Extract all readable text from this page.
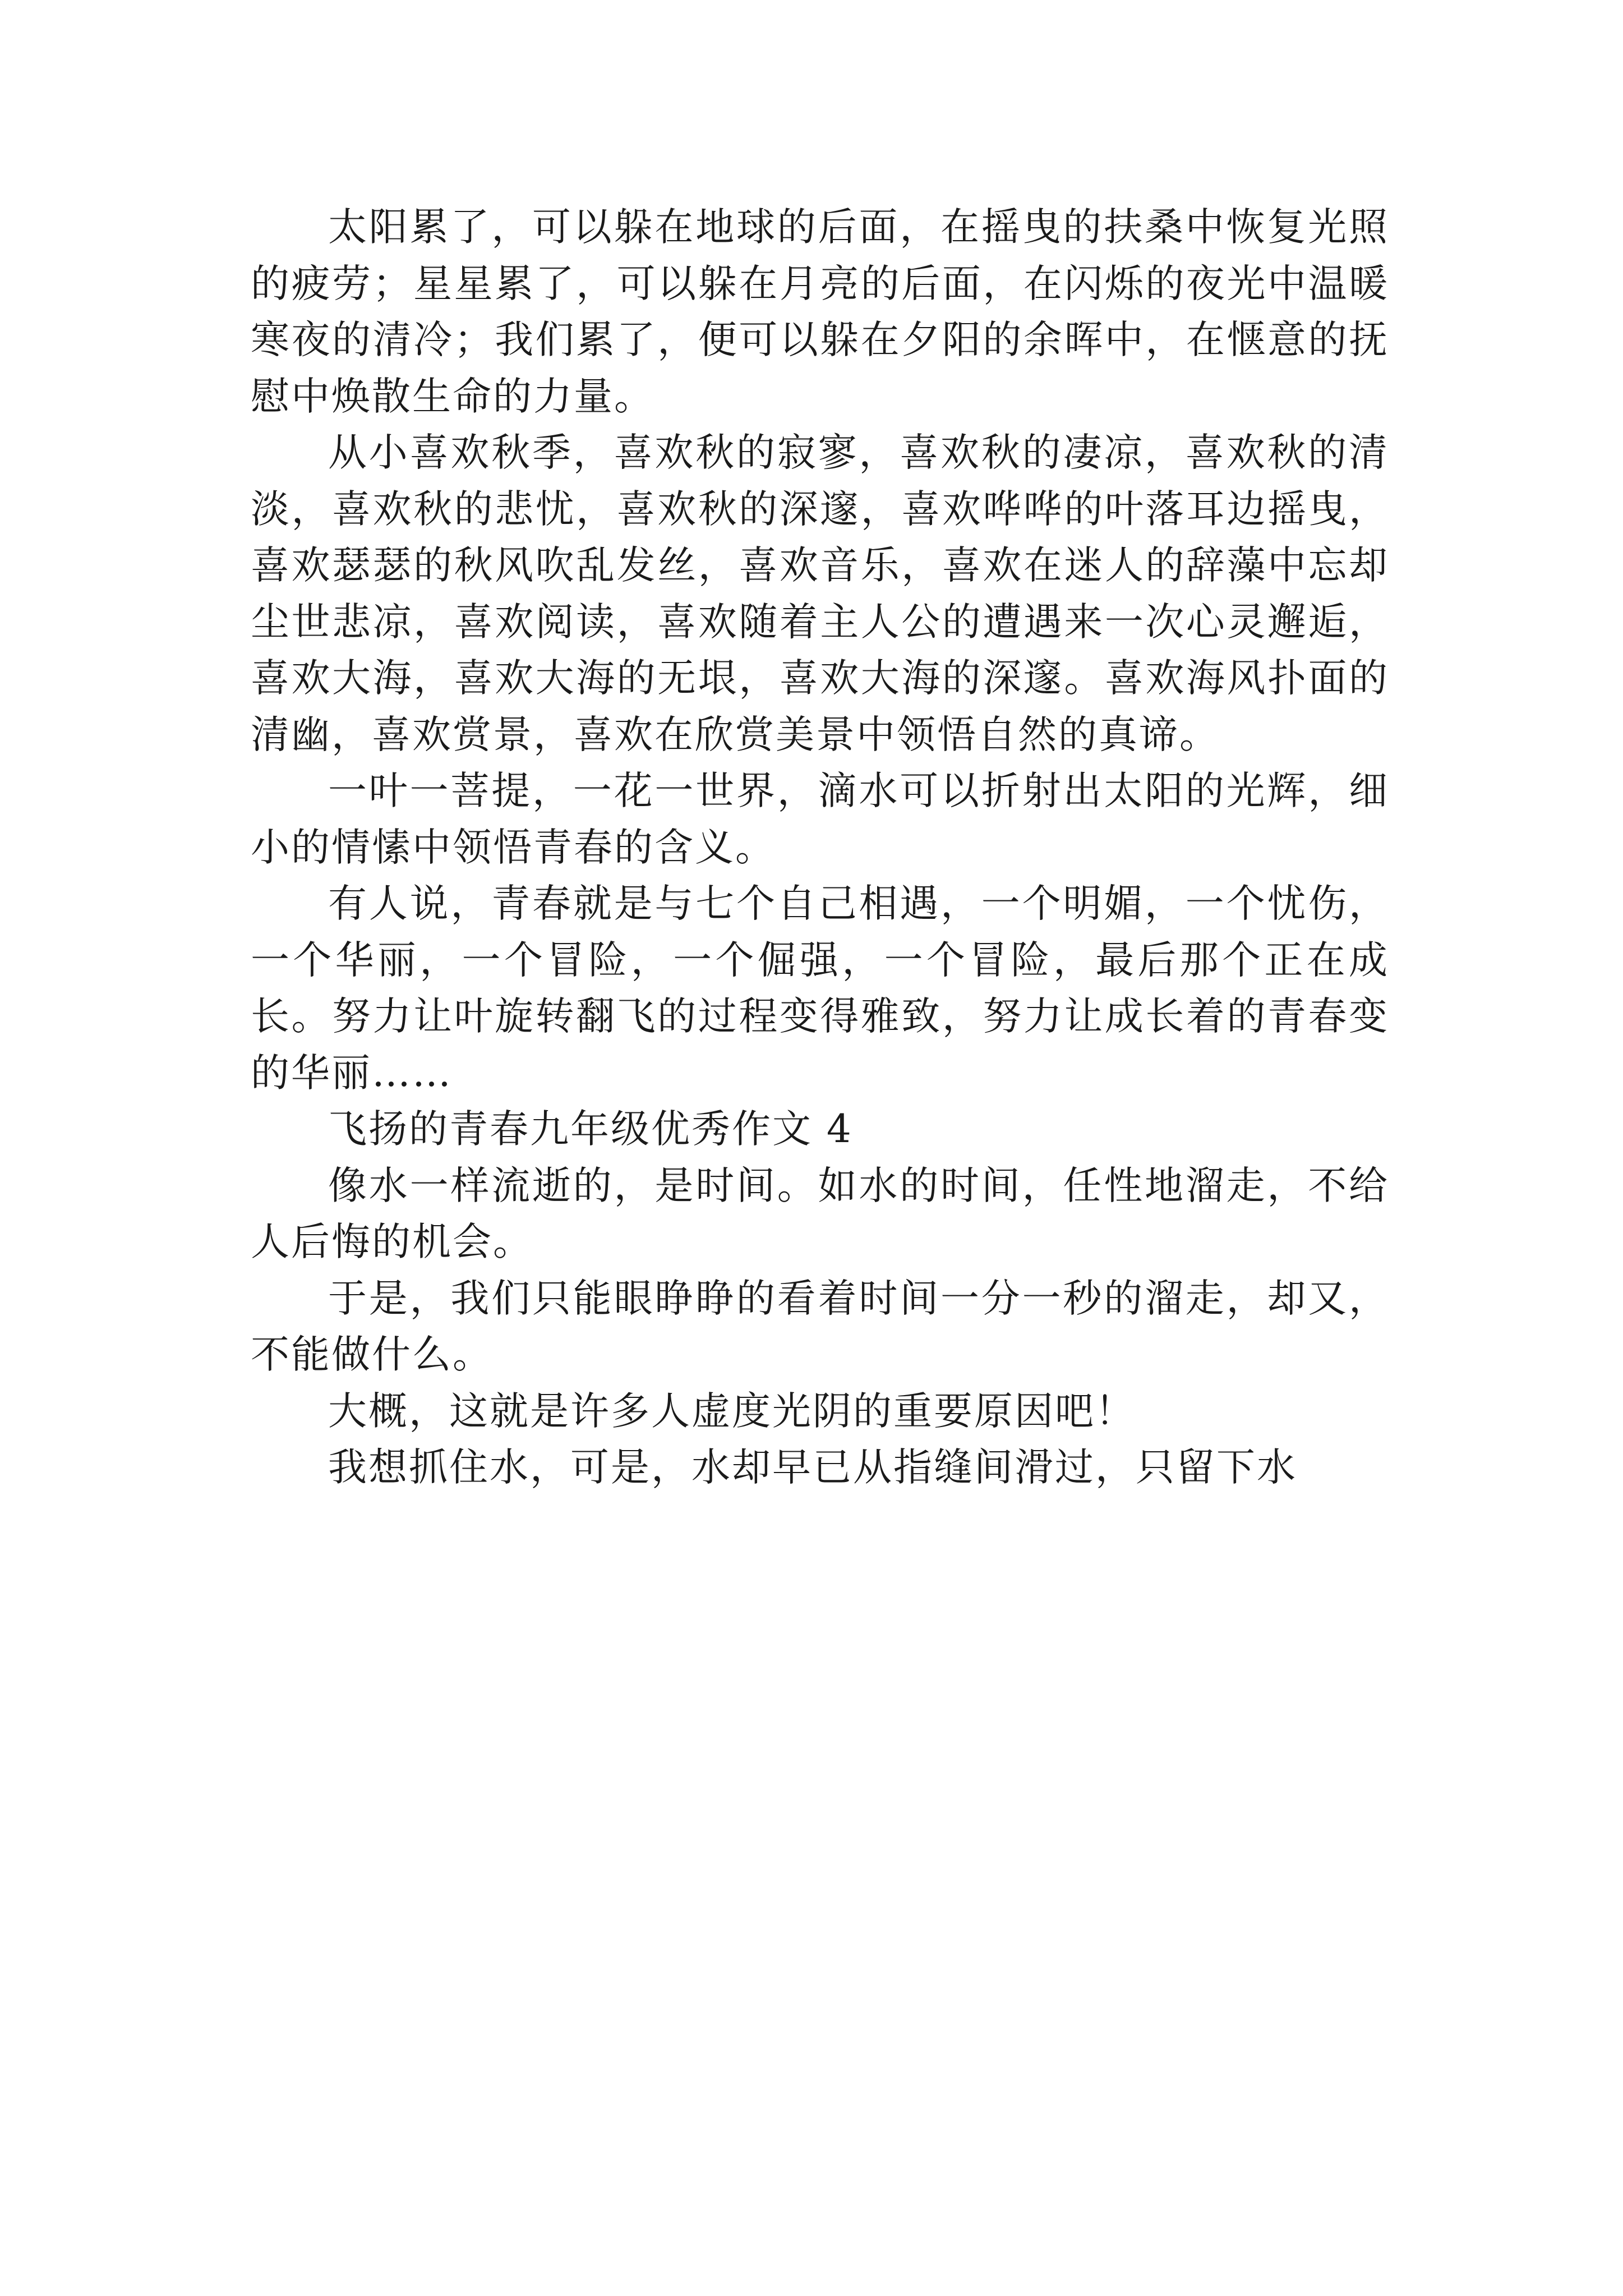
太阳累了，可以躲在地球的后面，在摇曳的扶桑中恢复光照的疲劳；星星累了，可以躲在月亮的后面，在闪烁的夜光中温暖寒夜的清冷；我们累了，便可以躲在夕阳的余晖中，在惬意的抚慰中焕散生命的力量。

从小喜欢秋季，喜欢秋的寂寥，喜欢秋的凄凉，喜欢秋的清淡，喜欢秋的悲忧，喜欢秋的深邃，喜欢哗哗的叶落耳边摇曳，喜欢瑟瑟的秋风吹乱发丝，喜欢音乐，喜欢在迷人的辞藻中忘却尘世悲凉，喜欢阅读，喜欢随着主人公的遭遇来一次心灵邂逅，喜欢大海，喜欢大海的无垠，喜欢大海的深邃。喜欢海风扑面的清幽，喜欢赏景，喜欢在欣赏美景中领悟自然的真谛。

一叶一菩提，一花一世界，滴水可以折射出太阳的光辉，细小的情愫中领悟青春的含义。

有人说，青春就是与七个自己相遇，一个明媚，一个忧伤，一个华丽，一个冒险，一个倔强，一个冒险，最后那个正在成长。努力让叶旋转翻飞的过程变得雅致，努力让成长着的青春变的华丽……

飞扬的青春九年级优秀作文 4

像水一样流逝的，是时间。如水的时间，任性地溜走，不给人后悔的机会。

于是，我们只能眼睁睁的看着时间一分一秒的溜走，却又，不能做什么。

大概，这就是许多人虚度光阴的重要原因吧！

我想抓住水，可是，水却早已从指缝间滑过，只留下水
